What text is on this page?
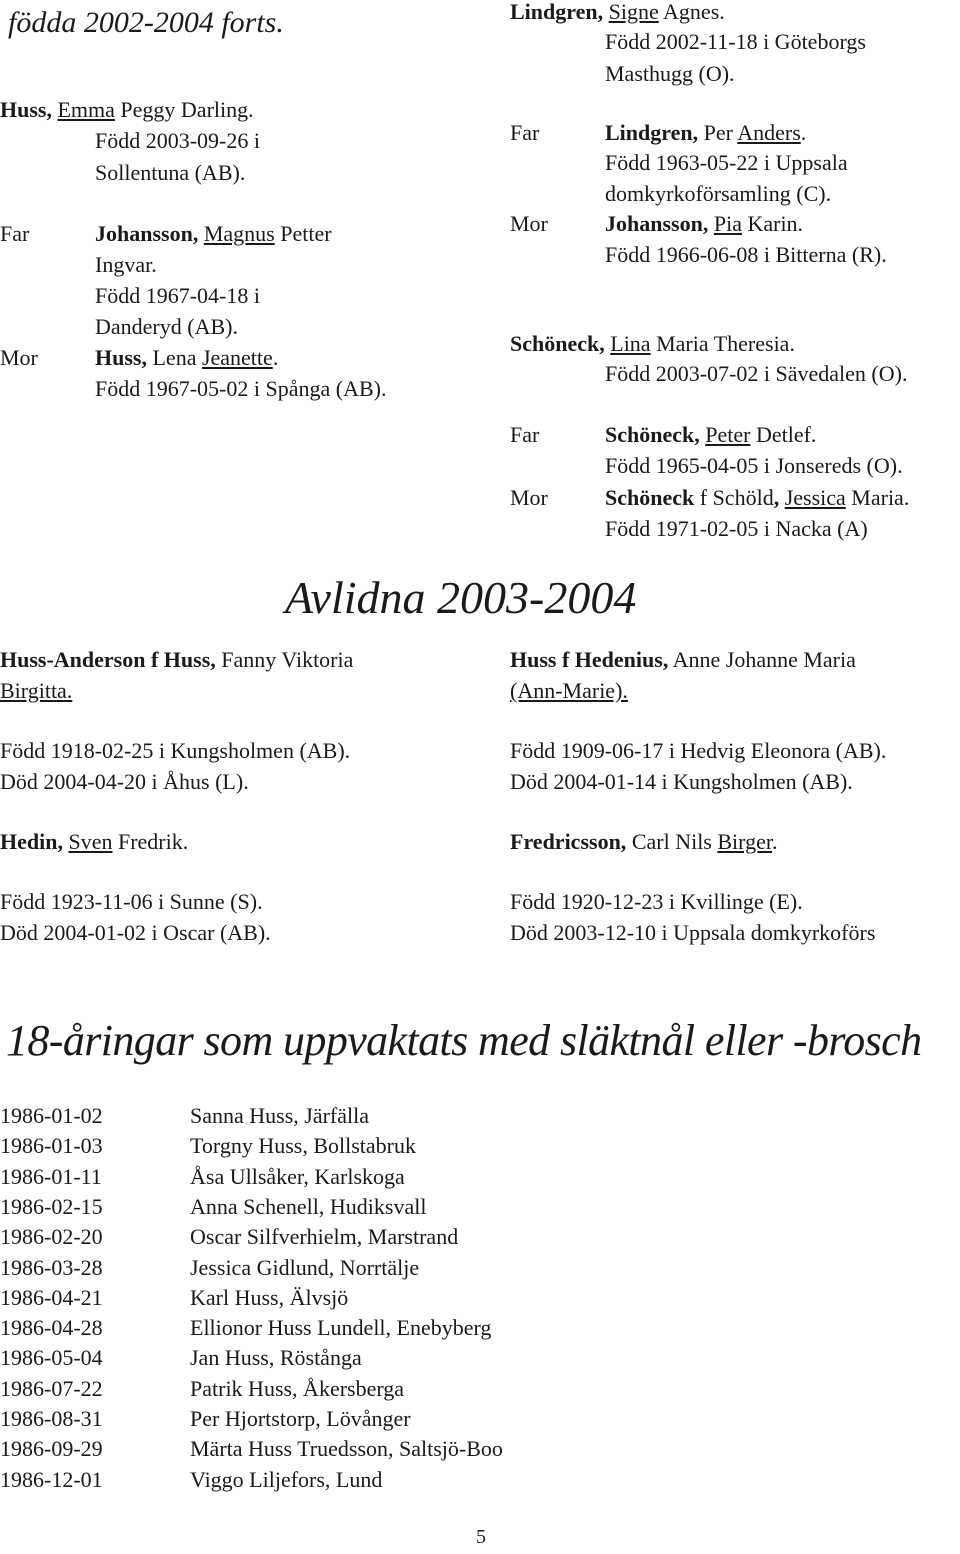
födda 2002-2004 forts.
Huss, Emma Peggy Darling.
Född 2003-09-26 i
Sollentuna (AB).
Far	Johansson, Magnus Petter
Ingvar.
Född 1967-04-18 i
Danderyd (AB).
Mor	Huss, Lena Jeanette.
Född 1967-05-02 i Spånga (AB).
Lindgren, Signe Agnes.
Född 2002-11-18 i Göteborgs
Masthugg (O).
Far	Lindgren, Per Anders.
Född 1963-05-22 i Uppsala
domkyrkoförsamling (C).
Mor	Johansson, Pia Karin.
Född 1966-06-08 i Bitterna (R).
Schöneck, Lina Maria Theresia.
Född 2003-07-02 i Sävedalen (O).
Far	Schöneck, Peter Detlef.
Född 1965-04-05 i Jonsereds (O).
Mor	Schöneck f Schöld, Jessica Maria.
Född 1971-02-05 i Nacka (A)
Avlidna 2003-2004
Huss-Anderson f Huss, Fanny Viktoria
Birgitta.
Född 1918-02-25 i Kungsholmen (AB).
Död 2004-04-20 i Åhus (L).
Hedin, Sven Fredrik.
Född 1923-11-06 i Sunne (S).
Död 2004-01-02 i Oscar (AB).
Huss f Hedenius, Anne Johanne Maria
(Ann-Marie).
Född 1909-06-17 i Hedvig Eleonora (AB).
Död 2004-01-14 i Kungsholmen (AB).
Fredricsson, Carl Nils Birger.
Född 1920-12-23 i Kvillinge (E).
Död 2003-12-10 i Uppsala domkyrkoförs
18-åringar som uppvaktats med släktnål eller -brosch
1986-01-02	Sanna Huss, Järfälla
1986-01-03	Torgny Huss, Bollstabruk
1986-01-11	Åsa Ullsåker, Karlskoga
1986-02-15	Anna Schenell, Hudiksvall
1986-02-20	Oscar Silfverhielm, Marstrand
1986-03-28	Jessica Gidlund, Norrtälje
1986-04-21	Karl Huss, Älvsjö
1986-04-28	Ellionor Huss Lundell, Enebyberg
1986-05-04	Jan Huss, Röstånga
1986-07-22	Patrik Huss, Åkersberga
1986-08-31	Per Hjortstorp, Lövånger
1986-09-29	Märta Huss Truedsson, Saltsjö-Boo
1986-12-01	Viggo Liljefors, Lund
5
